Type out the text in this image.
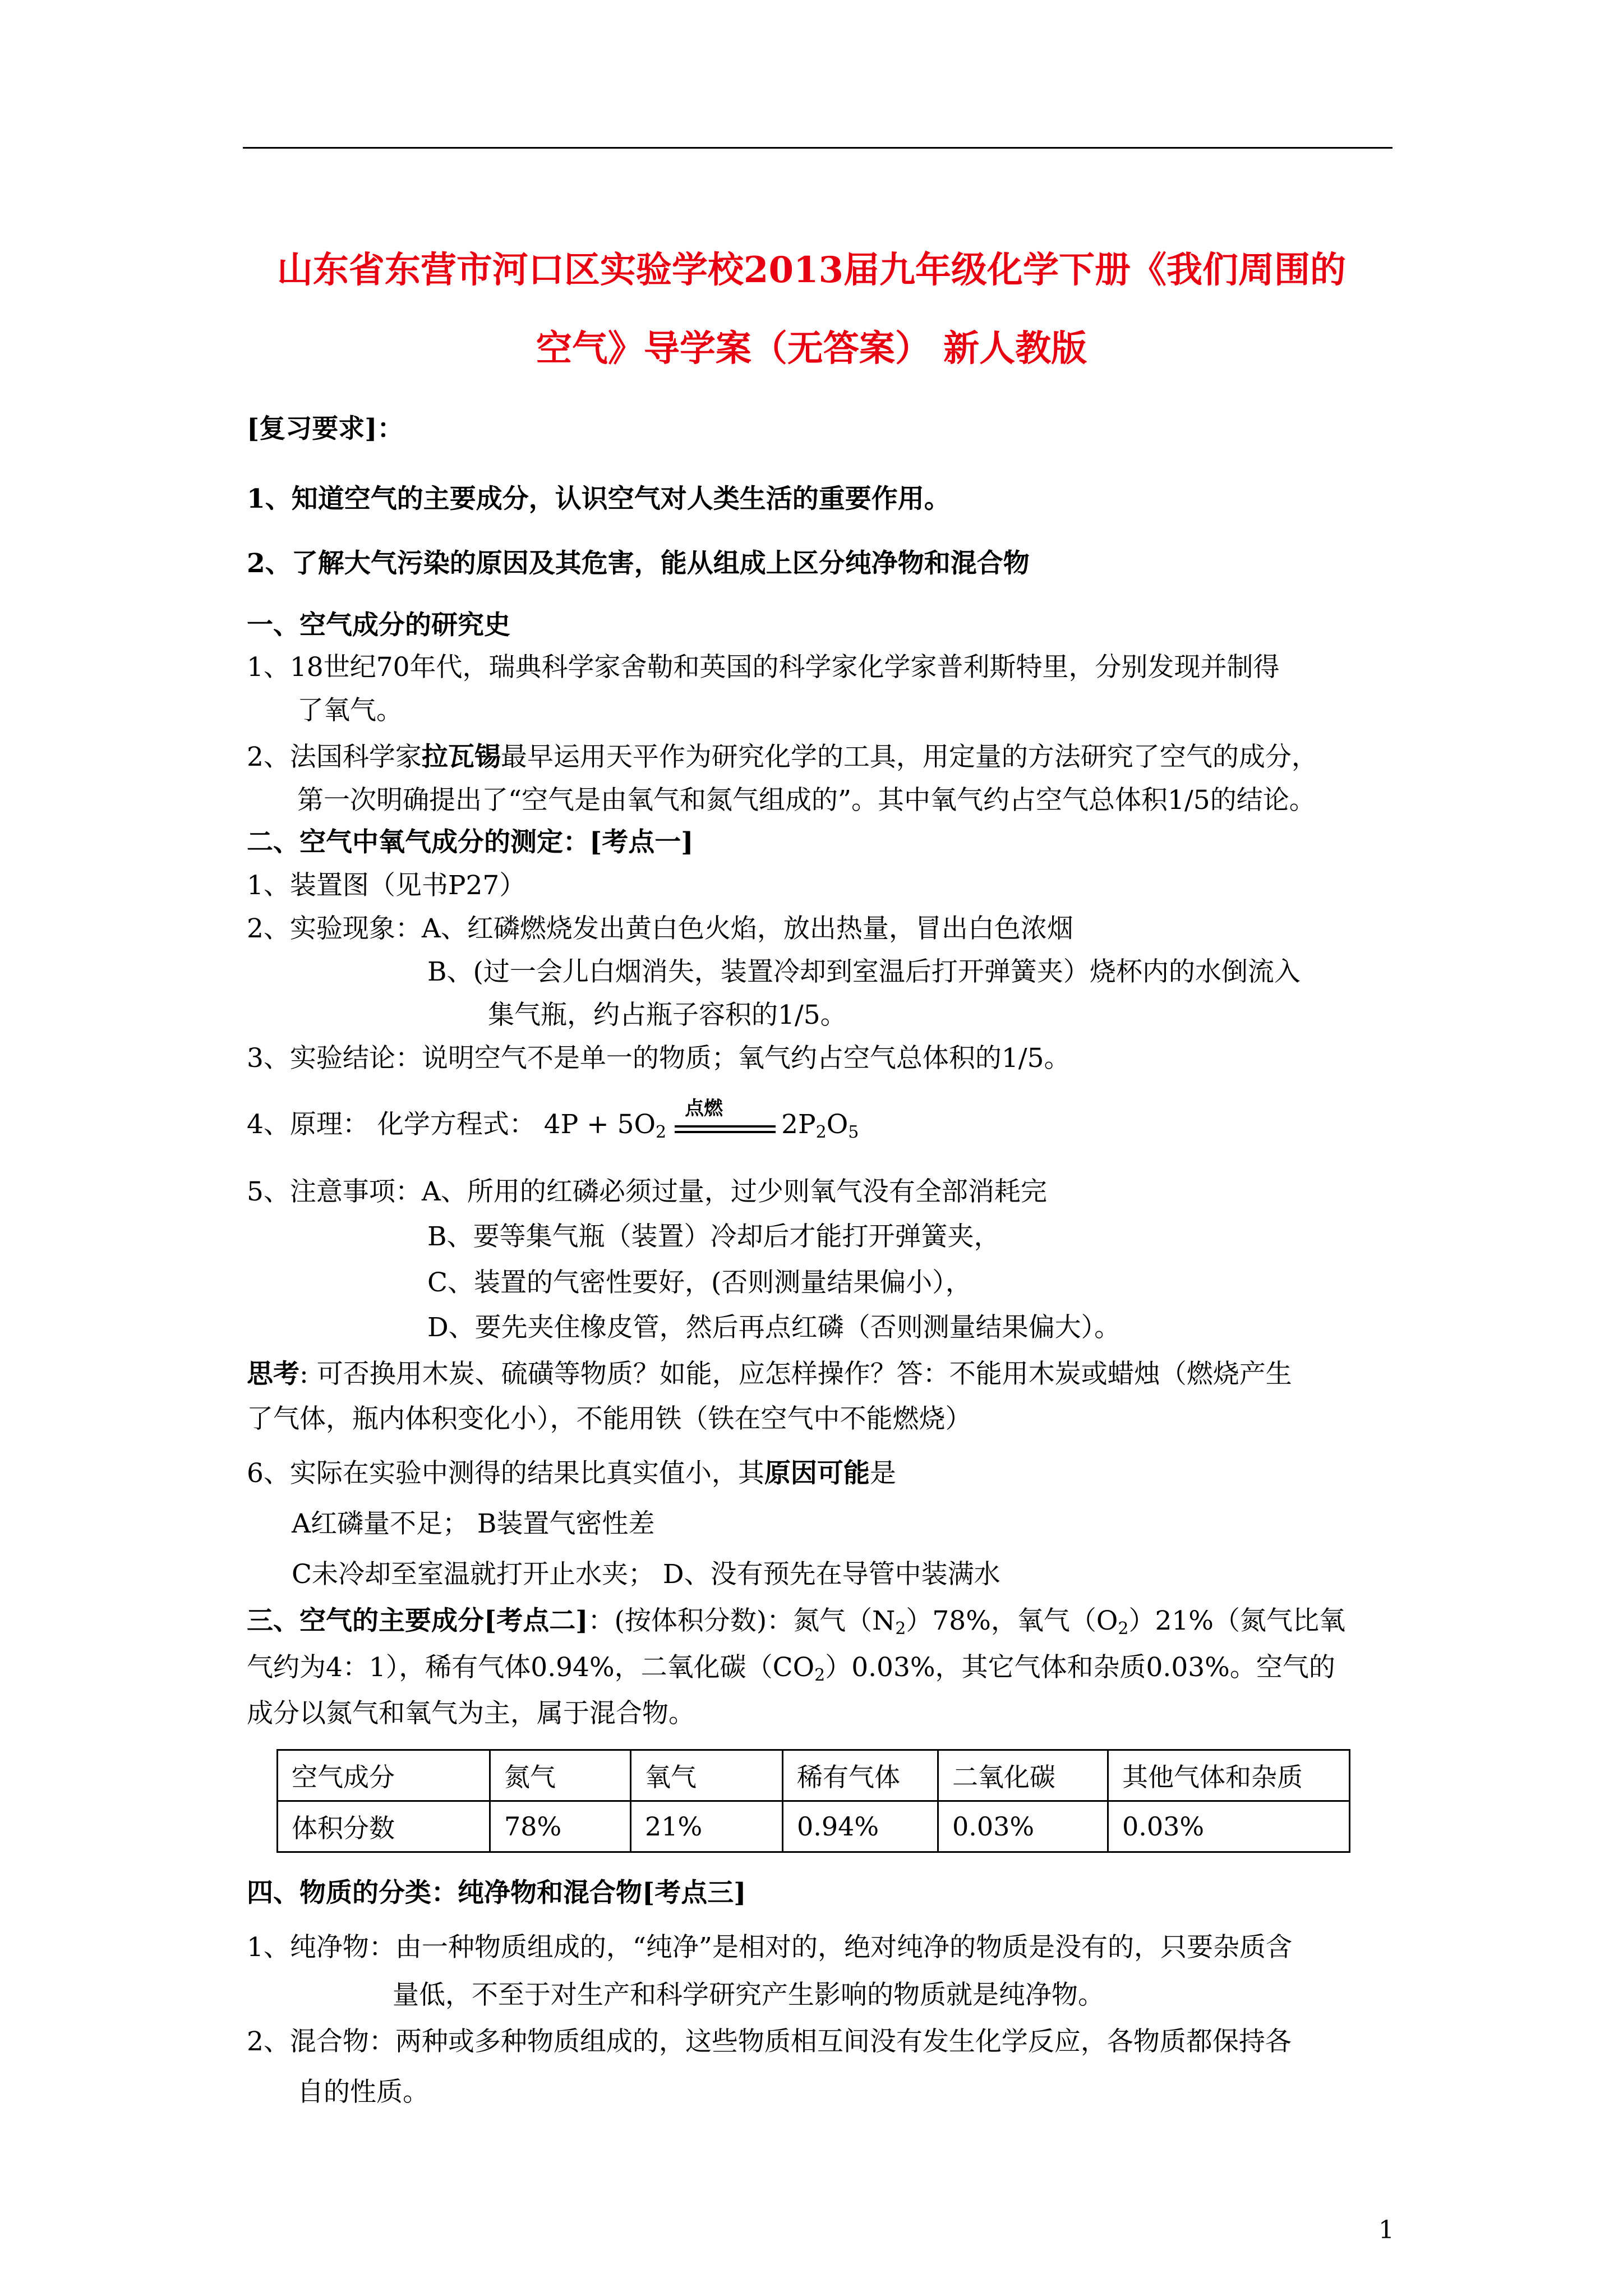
山东省东营市河口区实验学校2013届九年级化学下册《我们周围的
空气》导学案（无答案） 新人教版
[复习要求]：
1、知道空气的主要成分，认识空气对人类生活的重要作用。
2、了解大气污染的原因及其危害，能从组成上区分纯净物和混合物
一、空气成分的研究史
1、18世纪70年代，瑞典科学家舍勒和英国的科学家化学家普利斯特里，分别发现并制得
了氧气。
2、法国科学家拉瓦锡最早运用天平作为研究化学的工具，用定量的方法研究了空气的成分，
第一次明确提出了“空气是由氧气和氮气组成的”。其中氧气约占空气总体积1/5的结论。
二、空气中氧气成分的测定：[考点一]
1、装置图（见书P27）
2、实验现象：A、红磷燃烧发出黄白色火焰，放出热量，冒出白色浓烟
B、(过一会儿白烟消失，装置冷却到室温后打开弹簧夹）烧杯内的水倒流入
集气瓶，约占瓶子容积的1/5。
3、实验结论：说明空气不是单一的物质；氧气约占空气总体积的1/5。
4、原理： 化学方程式： $4P + 5O_2$
点燃
$2P_2O_5$
5、注意事项：A、所用的红磷必须过量，过少则氧气没有全部消耗完
B、要等集气瓶（装置）冷却后才能打开弹簧夹，
C、装置的气密性要好，(否则测量结果偏小），
D、要先夹住橡皮管，然后再点红磷（否则测量结果偏大）。
思考: 可否换用木炭、硫磺等物质？如能，应怎样操作？答：不能用木炭或蜡烛（燃烧产生
了气体，瓶内体积变化小），不能用铁（铁在空气中不能燃烧）
6、实际在实验中测得的结果比真实值小，其原因可能是
A红磷量不足； B装置气密性差
C未冷却至室温就打开止水夹； D、没有预先在导管中装满水
三、空气的主要成分[考点二]：(按体积分数)：氮气$(N_2)78\%$，氧气$(O_2)21\%$（氮气比氧
气约为4：1），稀有气体0.94%，二氧化碳$(CO_2)0.03\%$，其它气体和杂质0.03%。空气的
成分以氮气和氧气为主，属于混合物。
空气成分	氮气	氧气	稀有气体	二氧化碳	其他气体和杂质
体积分数	78%	21%	0.94%	0.03%	0.03%
四、物质的分类：纯净物和混合物[考点三]
1、纯净物：由一种物质组成的，“纯净”是相对的，绝对纯净的物质是没有的，只要杂质含
量低，不至于对生产和科学研究产生影响的物质就是纯净物。
2、混合物：两种或多种物质组成的，这些物质相互间没有发生化学反应，各物质都保持各
自的性质。
1
